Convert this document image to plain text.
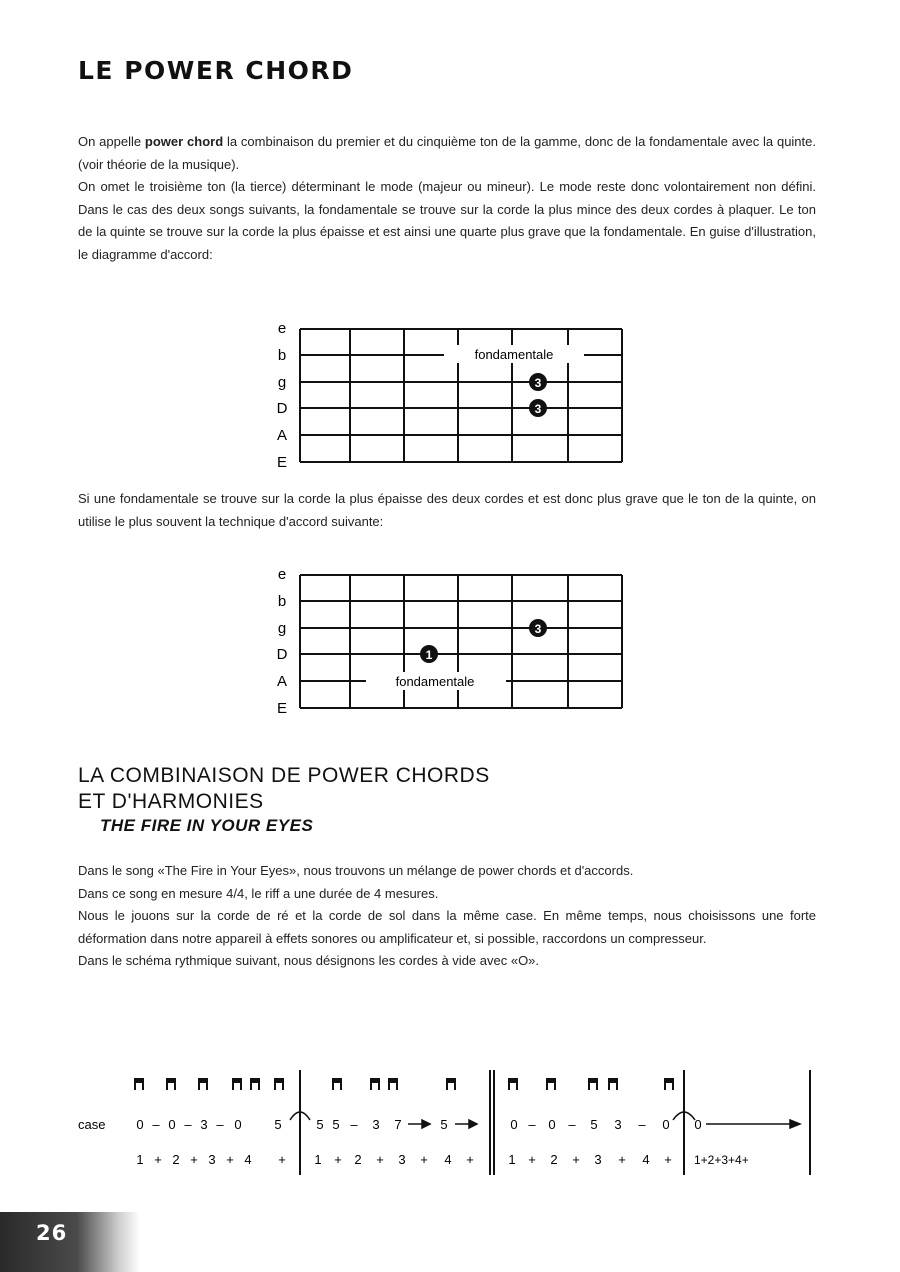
LE POWER CHORD

On appelle power chord la combinaison du premier et du cinquième ton de la gamme, donc de la fondamentale avec la quinte. (voir théorie de la musique).
On omet le troisième ton (la tierce) déterminant le mode (majeur ou mineur). Le mode reste donc volontairement non défini. Dans le cas des deux songs suivants, la fondamentale se trouve sur la corde la plus mince des deux cordes à plaquer. Le ton de la quinte se trouve sur la corde la plus épaisse et est ainsi une quarte plus grave que la fondamentale. En guise d'illustration, le diagramme d'accord:

fondamentale
e
b
g
D
A
E
3
3

Si une fondamentale se trouve sur la corde la plus épaisse des deux cordes et est donc plus grave que le ton de la quinte, on utilise le plus souvent la technique d'accord suivante:

fondamentale
e
b
g
D
A
E
3
1
LA COMBINAISON DE POWER CHORDS
ET D'HARMONIES
THE FIRE IN YOUR EYES

Dans le song «The Fire in Your Eyes», nous trouvons un mélange de power chords et d'accords.
Dans ce song en mesure 4/4, le riff a une durée de 4 mesures.
Nous le jouons sur la corde de ré et la corde de sol dans la même case. En même temps, nous choisissons une forte déformation dans notre appareil à effets sonores ou amplificateur et, si possible, raccordons un compresseur.
Dans le schéma rythmique suivant, nous désignons les cordes à vide avec «O».

case 0 – 0 – 3 – 0	5	5 5 – 3 7	5	0 – 0 – 5 3 – 0 0
1 + 2 + 3 + 4 + 1 + 2 + 3 + 4 +	1 + 2 + 3 + 4 + 1+2+3+4+
26
